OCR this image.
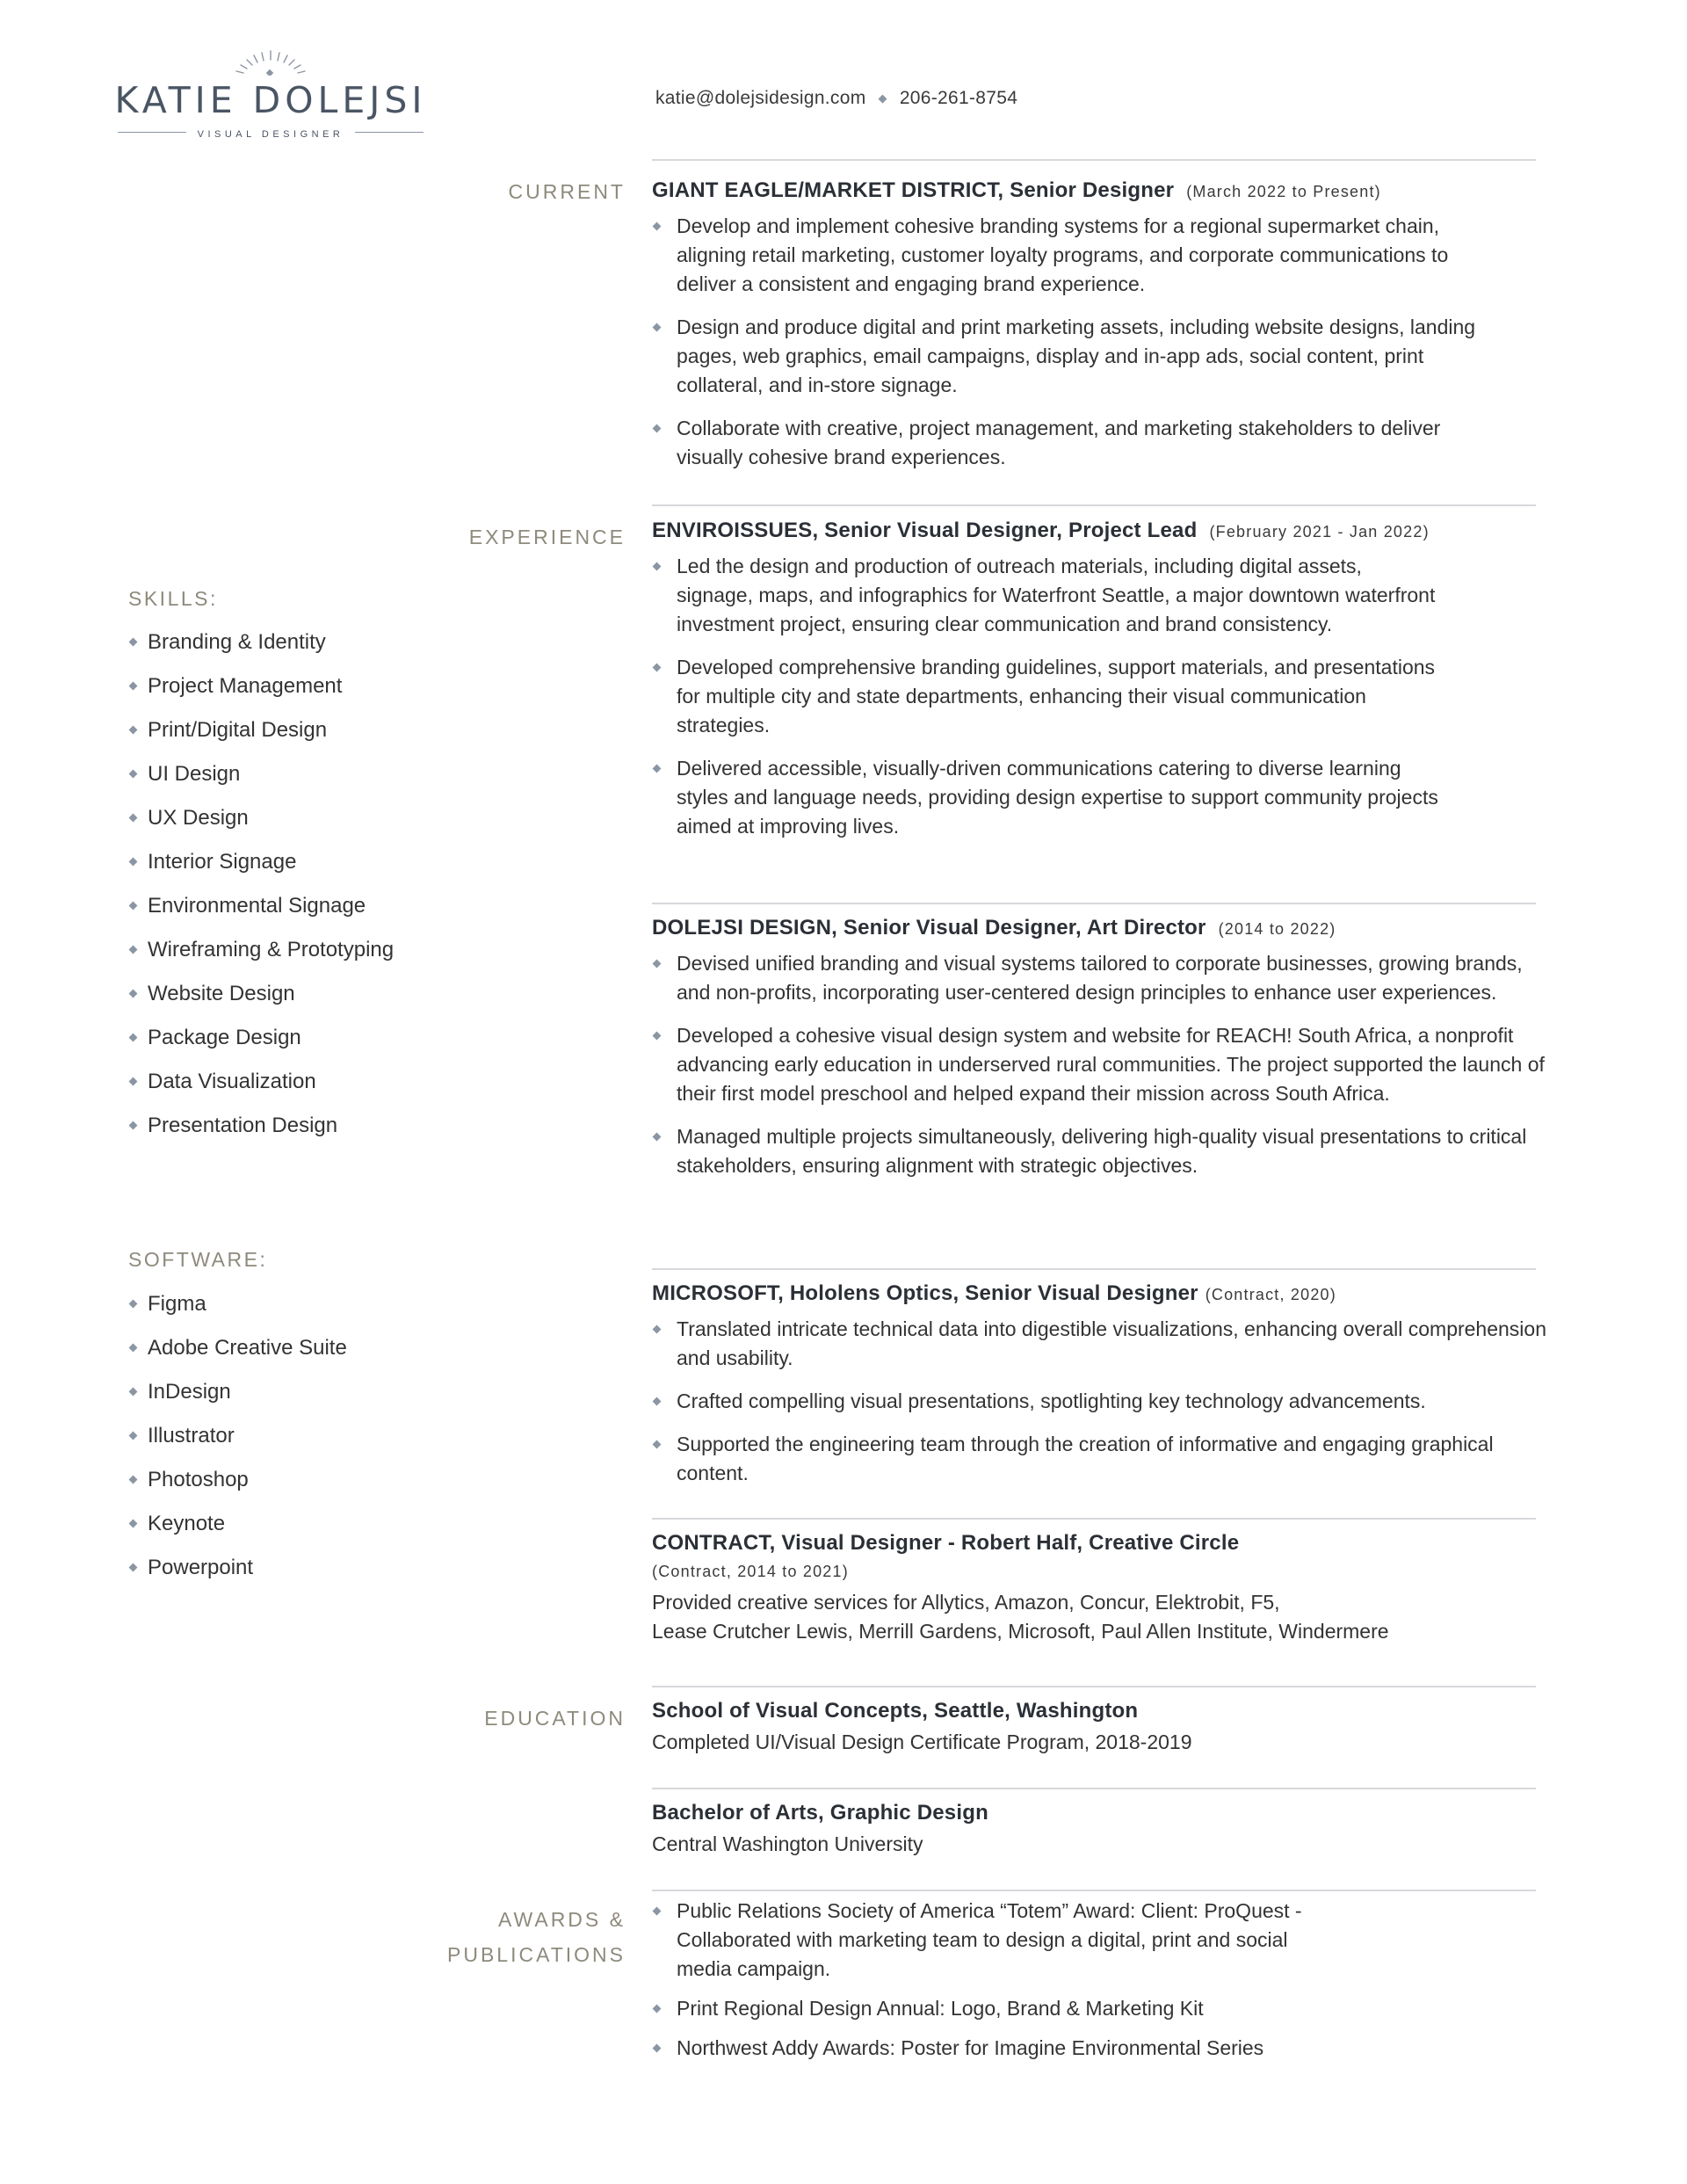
KATIE DOLEJSI
VISUAL DESIGNER
katie@dolejsidesign.com ◆ 206-261-8754
CURRENT
EXPERIENCE
EDUCATION
AWARDS &
PUBLICATIONS
GIANT EAGLE/MARKET DISTRICT, Senior Designer (March 2022 to Present)
Develop and implement cohesive branding systems for a regional supermarket chain, aligning retail marketing, customer loyalty programs, and corporate communications to deliver a consistent and engaging brand experience.
Design and produce digital and print marketing assets, including website designs, landing pages, web graphics, email campaigns, display and in-app ads, social content, print collateral, and in-store signage.
Collaborate with creative, project management, and marketing stakeholders to deliver visually cohesive brand experiences.
ENVIROISSUES, Senior Visual Designer, Project Lead (February 2021 - Jan 2022)
Led the design and production of outreach materials, including digital assets, signage, maps, and infographics for Waterfront Seattle, a major downtown waterfront investment project, ensuring clear communication and brand consistency.
Developed comprehensive branding guidelines, support materials, and presentations for multiple city and state departments, enhancing their visual communication strategies.
Delivered accessible, visually-driven communications catering to diverse learning styles and language needs, providing design expertise to support community projects aimed at improving lives.
DOLEJSI DESIGN, Senior Visual Designer, Art Director (2014 to 2022)
Devised unified branding and visual systems tailored to corporate businesses, growing brands, and non-profits, incorporating user-centered design principles to enhance user experiences.
Developed a cohesive visual design system and website for REACH! South Africa, a nonprofit advancing early education in underserved rural communities. The project supported the launch of their first model preschool and helped expand their mission across South Africa.
Managed multiple projects simultaneously, delivering high-quality visual presentations to critical stakeholders, ensuring alignment with strategic objectives.
MICROSOFT, Hololens Optics, Senior Visual Designer (Contract, 2020)
Translated intricate technical data into digestible visualizations, enhancing overall comprehension and usability.
Crafted compelling visual presentations, spotlighting key technology advancements.
Supported the engineering team through the creation of informative and engaging graphical content.
CONTRACT, Visual Designer - Robert Half, Creative Circle
(Contract, 2014 to 2021)
Provided creative services for Allytics, Amazon, Concur, Elektrobit, F5,
Lease Crutcher Lewis, Merrill Gardens, Microsoft, Paul Allen Institute, Windermere
School of Visual Concepts, Seattle, Washington
Completed UI/Visual Design Certificate Program, 2018-2019
Bachelor of Arts, Graphic Design
Central Washington University
Public Relations Society of America “Totem” Award: Client: ProQuest - Collaborated with marketing team to design a digital, print and social media campaign.
Print Regional Design Annual: Logo, Brand & Marketing Kit
Northwest Addy Awards: Poster for Imagine Environmental Series
SKILLS:
Branding & Identity
Project Management
Print/Digital Design
UI Design
UX Design
Interior Signage
Environmental Signage
Wireframing & Prototyping
Website Design
Package Design
Data Visualization
Presentation Design
SOFTWARE:
Figma
Adobe Creative Suite
InDesign
Illustrator
Photoshop
Keynote
Powerpoint
